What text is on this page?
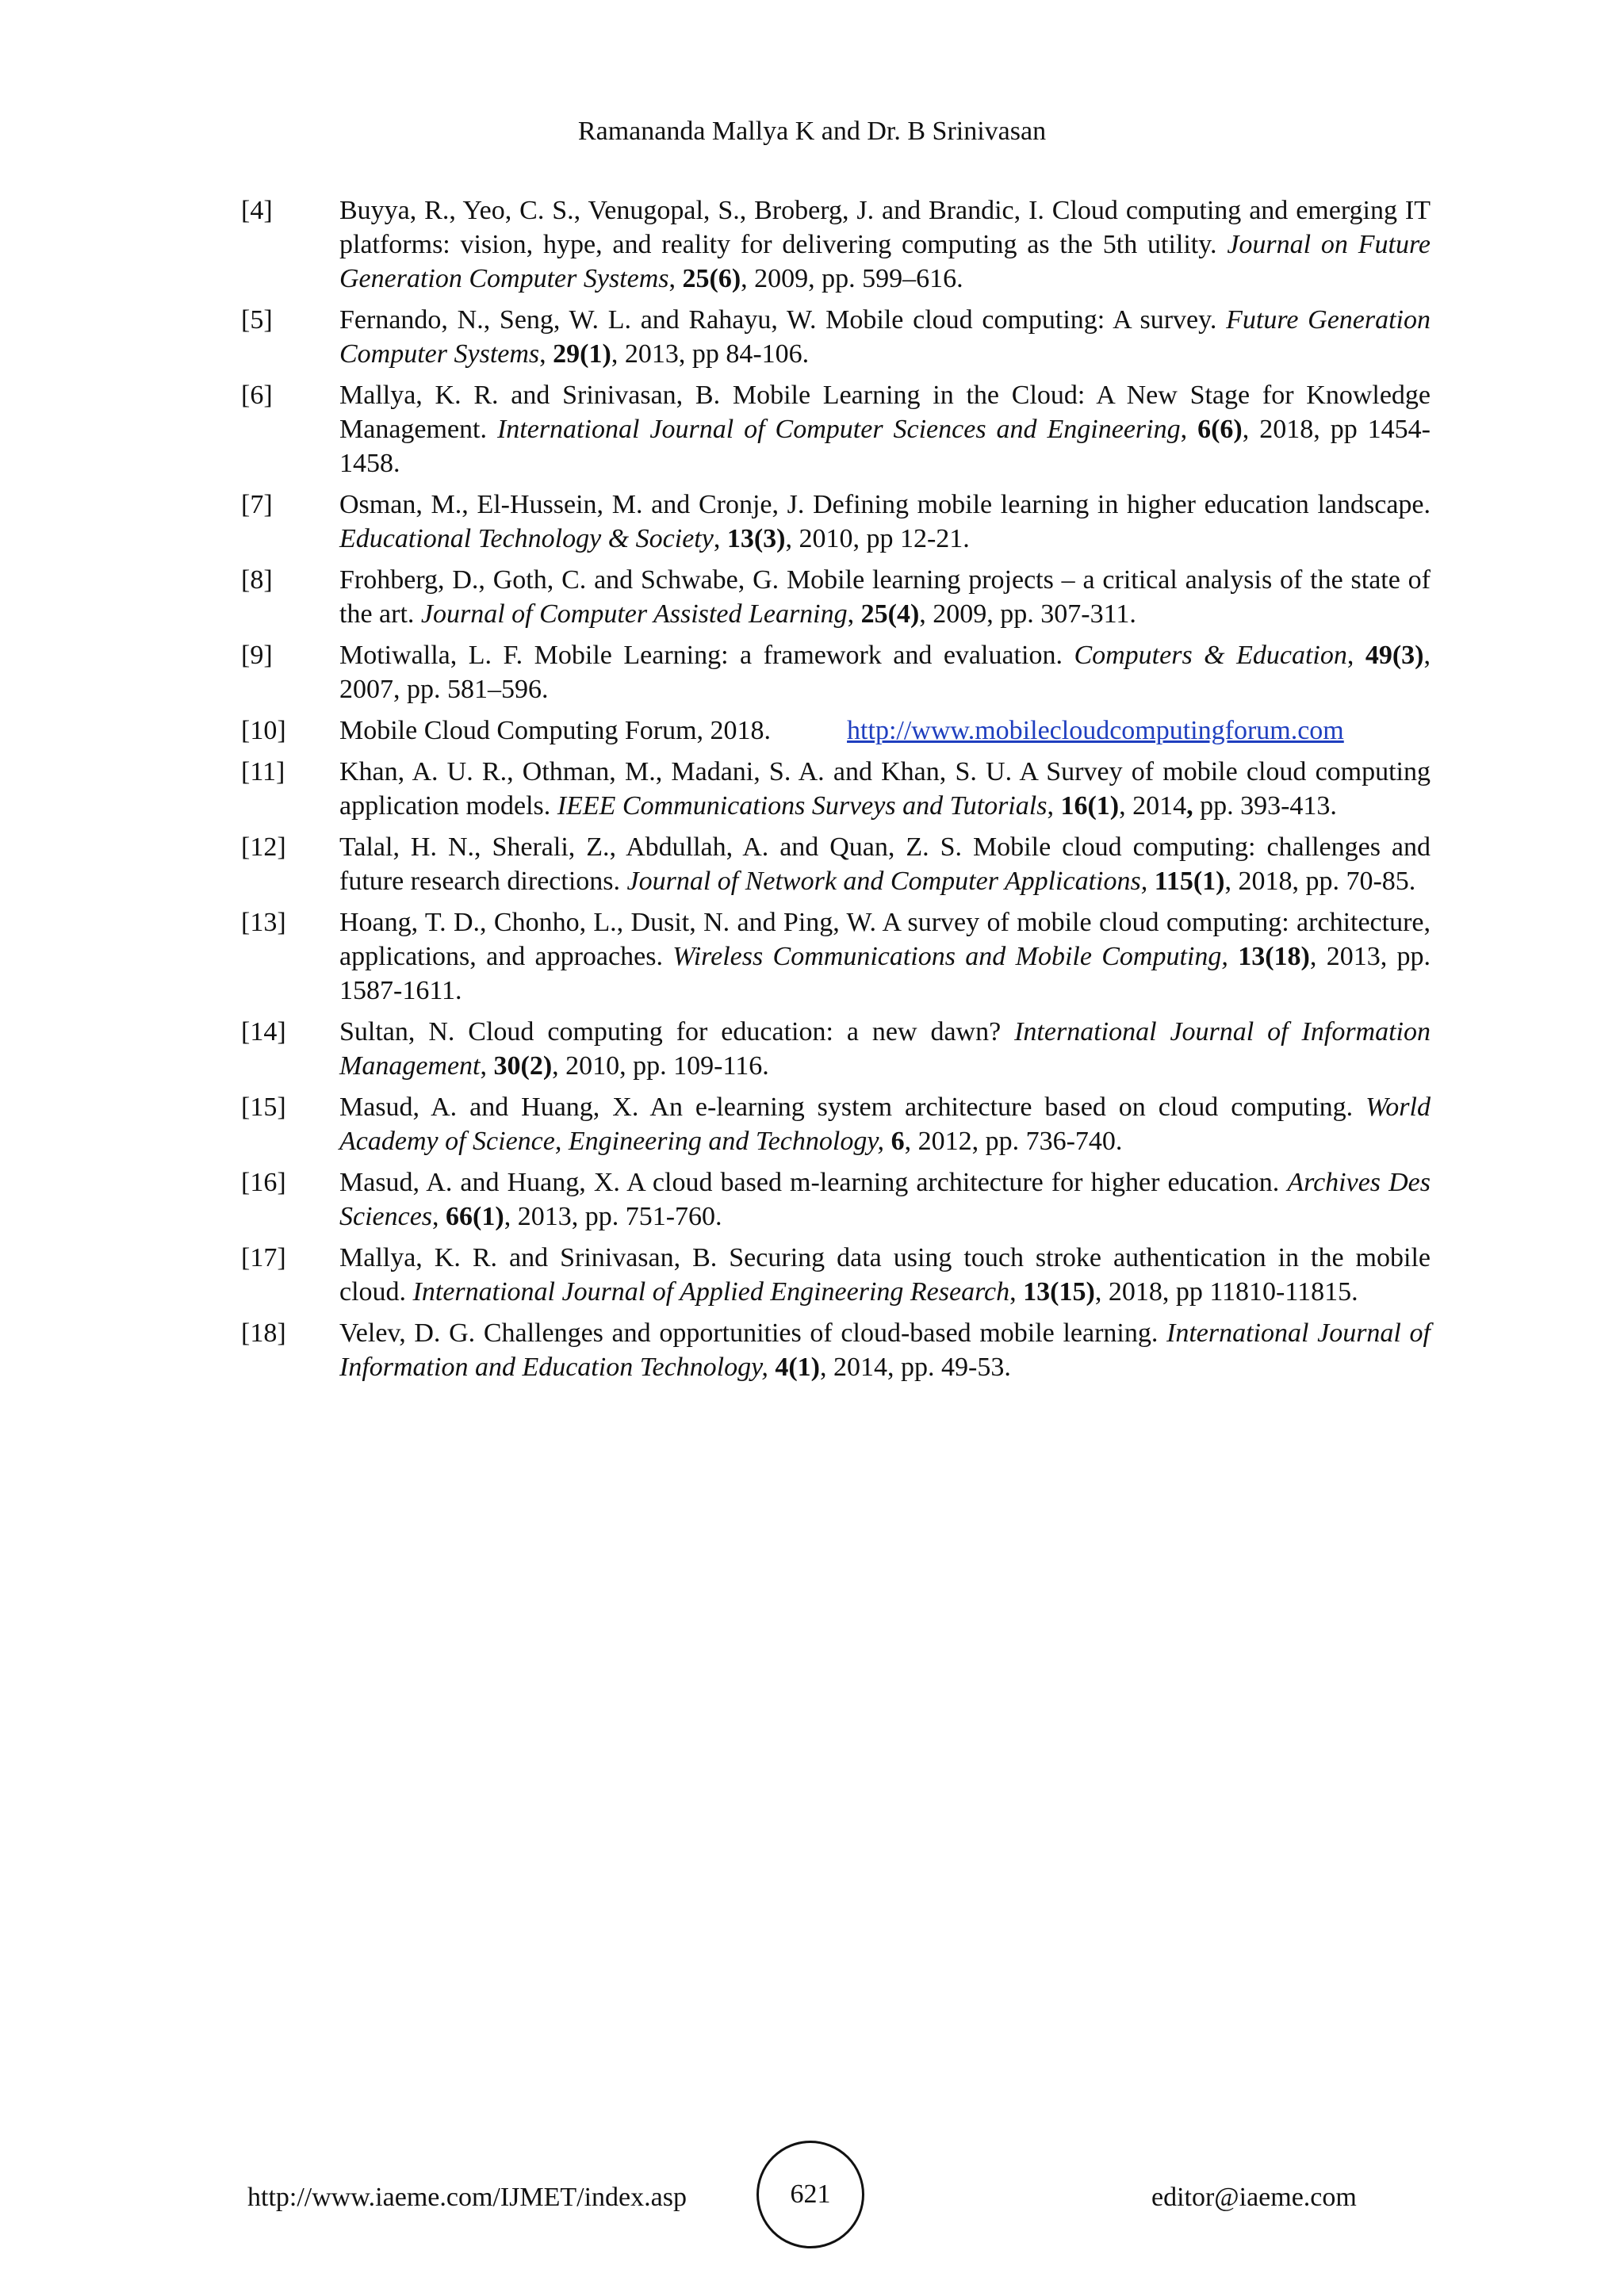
Ramananda Mallya K and Dr. B Srinivasan
[4] Buyya, R., Yeo, C. S., Venugopal, S., Broberg, J. and Brandic, I. Cloud computing and emerging IT platforms: vision, hype, and reality for delivering computing as the 5th utility. Journal on Future Generation Computer Systems, 25(6), 2009, pp. 599–616.
[5] Fernando, N., Seng, W. L. and Rahayu, W. Mobile cloud computing: A survey. Future Generation Computer Systems, 29(1), 2013, pp 84-106.
[6] Mallya, K. R. and Srinivasan, B. Mobile Learning in the Cloud: A New Stage for Knowledge Management. International Journal of Computer Sciences and Engineering, 6(6), 2018, pp 1454-1458.
[7] Osman, M., El-Hussein, M. and Cronje, J. Defining mobile learning in higher education landscape. Educational Technology & Society, 13(3), 2010, pp 12-21.
[8] Frohberg, D., Goth, C. and Schwabe, G. Mobile learning projects – a critical analysis of the state of the art. Journal of Computer Assisted Learning, 25(4), 2009, pp. 307-311.
[9] Motiwalla, L. F. Mobile Learning: a framework and evaluation. Computers & Education, 49(3), 2007, pp. 581–596.
[10] Mobile Cloud Computing Forum, 2018.	http://www.mobilecloudcomputingforum.com
[11] Khan, A. U. R., Othman, M., Madani, S. A. and Khan, S. U. A Survey of mobile cloud computing application models. IEEE Communications Surveys and Tutorials, 16(1), 2014, pp. 393-413.
[12] Talal, H. N., Sherali, Z., Abdullah, A. and Quan, Z. S. Mobile cloud computing: challenges and future research directions. Journal of Network and Computer Applications, 115(1), 2018, pp. 70-85.
[13] Hoang, T. D., Chonho, L., Dusit, N. and Ping, W. A survey of mobile cloud computing: architecture, applications, and approaches. Wireless Communications and Mobile Computing, 13(18), 2013, pp. 1587-1611.
[14] Sultan, N. Cloud computing for education: a new dawn? International Journal of Information Management, 30(2), 2010, pp. 109-116.
[15] Masud, A. and Huang, X. An e-learning system architecture based on cloud computing. World Academy of Science, Engineering and Technology, 6, 2012, pp. 736-740.
[16] Masud, A. and Huang, X. A cloud based m-learning architecture for higher education. Archives Des Sciences, 66(1), 2013, pp. 751-760.
[17] Mallya, K. R. and Srinivasan, B. Securing data using touch stroke authentication in the mobile cloud. International Journal of Applied Engineering Research, 13(15), 2018, pp 11810-11815.
[18] Velev, D. G. Challenges and opportunities of cloud-based mobile learning. International Journal of Information and Education Technology, 4(1), 2014, pp. 49-53.
http://www.iaeme.com/IJMET/index.asp	621	editor@iaeme.com
